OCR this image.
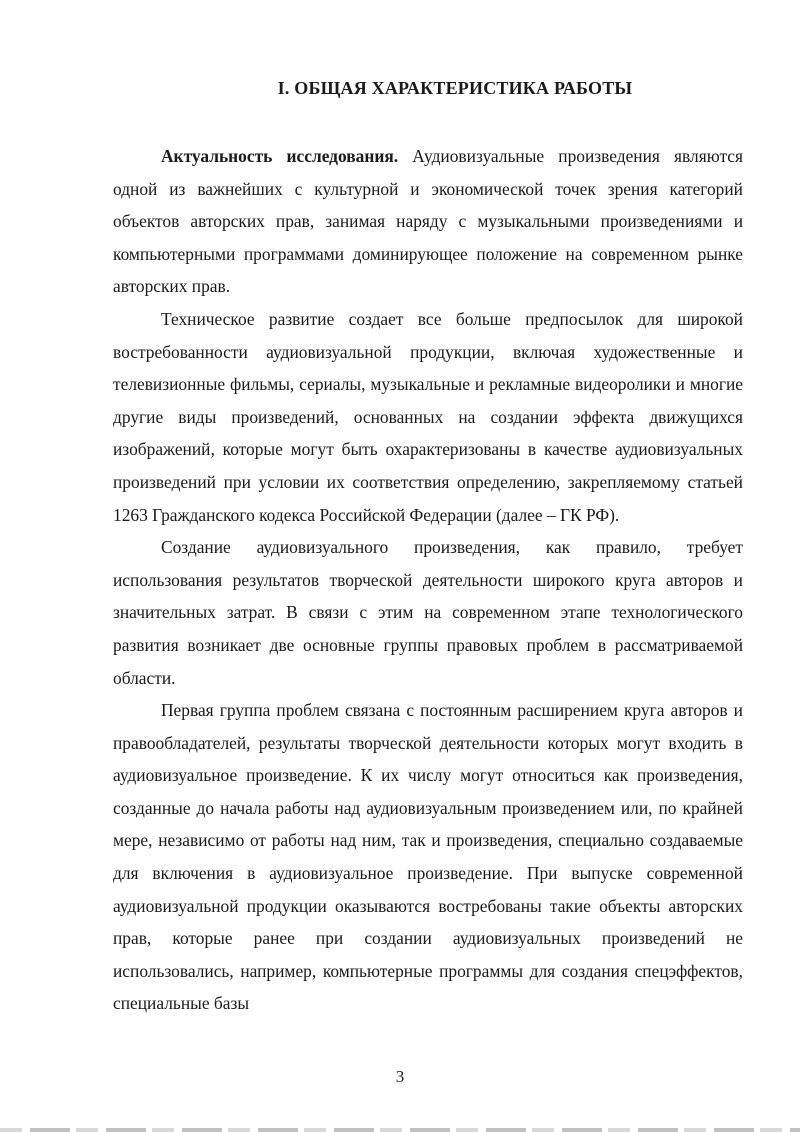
I. ОБЩАЯ ХАРАКТЕРИСТИКА РАБОТЫ

Актуальность исследования. Аудиовизуальные произведения являются одной из важнейших с культурной и экономической точек зрения категорий объектов авторских прав, занимая наряду с музыкальными произведениями и компьютерными программами доминирующее положение на современном рынке авторских прав.

Техническое развитие создает все больше предпосылок для широкой востребованности аудиовизуальной продукции, включая художественные и телевизионные фильмы, сериалы, музыкальные и рекламные видеоролики и многие другие виды произведений, основанных на создании эффекта движущихся изображений, которые могут быть охарактеризованы в качестве аудиовизуальных произведений при условии их соответствия определению, закрепляемому статьей 1263 Гражданского кодекса Российской Федерации (далее – ГК РФ).

Создание аудиовизуального произведения, как правило, требует использования результатов творческой деятельности широкого круга авторов и значительных затрат. В связи с этим на современном этапе технологического развития возникает две основные группы правовых проблем в рассматриваемой области.

Первая группа проблем связана с постоянным расширением круга авторов и правообладателей, результаты творческой деятельности которых могут входить в аудиовизуальное произведение. К их числу могут относиться как произведения, созданные до начала работы над аудиовизуальным произведением или, по крайней мере, независимо от работы над ним, так и произведения, специально создаваемые для включения в аудиовизуальное произведение. При выпуске современной аудиовизуальной продукции оказываются востребованы такие объекты авторских прав, которые ранее при создании аудиовизуальных произведений не использовались, например, компьютерные программы для создания спецэффектов, специальные базы

3
